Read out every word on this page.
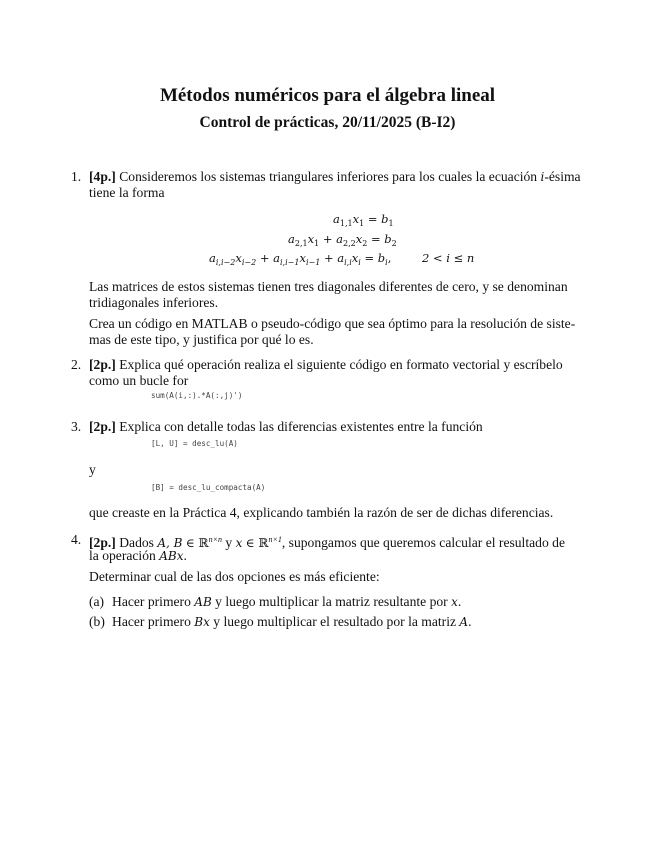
Métodos numéricos para el álgebra lineal
Control de prácticas, 20/11/2025 (B-I2)
1. [4p.] Consideremos los sistemas triangulares inferiores para los cuales la ecuación i-ésima
tiene la forma
$a_{1,1}x_1 = b_1$
$a_{2,1}x_1 + a_{2,2}x_2 = b_2$
$a_{i,i-2}x_{i-2} + a_{i,i-1}x_{i-1} + a_{i,i}x_i = b_i$,	2 < i ≤ n
Las matrices de estos sistemas tienen tres diagonales diferentes de cero, y se denominan
tridiagonales inferiores.
Crea un código en MATLAB o pseudo-código que sea óptimo para la resolución de siste-
mas de este tipo, y justifica por qué lo es.
2. [2p.] Explica qué operación realiza el siguiente código en formato vectorial y escríbelo
como un bucle for
sum(A(i,:).*A(:,j)')
3. [2p.] Explica con detalle todas las diferencias existentes entre la función
[L, U] = desc_lu(A)
y
[B] = desc_lu_compacta(A)
que creaste en la Práctica 4, explicando también la razón de ser de dichas diferencias.
4. [2p.] Dados A, B ∈ ℝ$^{n\times n}$ y x ∈ ℝ$^{n\times 1}$, supongamos que queremos calcular el resultado de
la operación ABx.
Determinar cual de las dos opciones es más eficiente:
(a) Hacer primero AB y luego multiplicar la matriz resultante por x.
(b) Hacer primero Bx y luego multiplicar el resultado por la matriz A.
